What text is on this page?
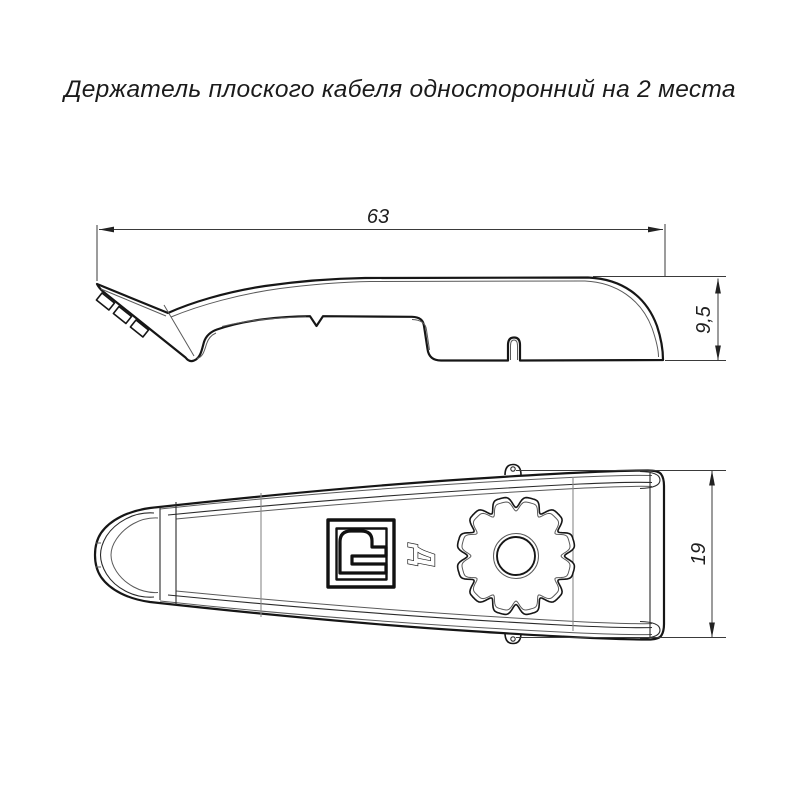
Держатель плоского кабеля односторонний на 2 места
63
9,5
Д	19
